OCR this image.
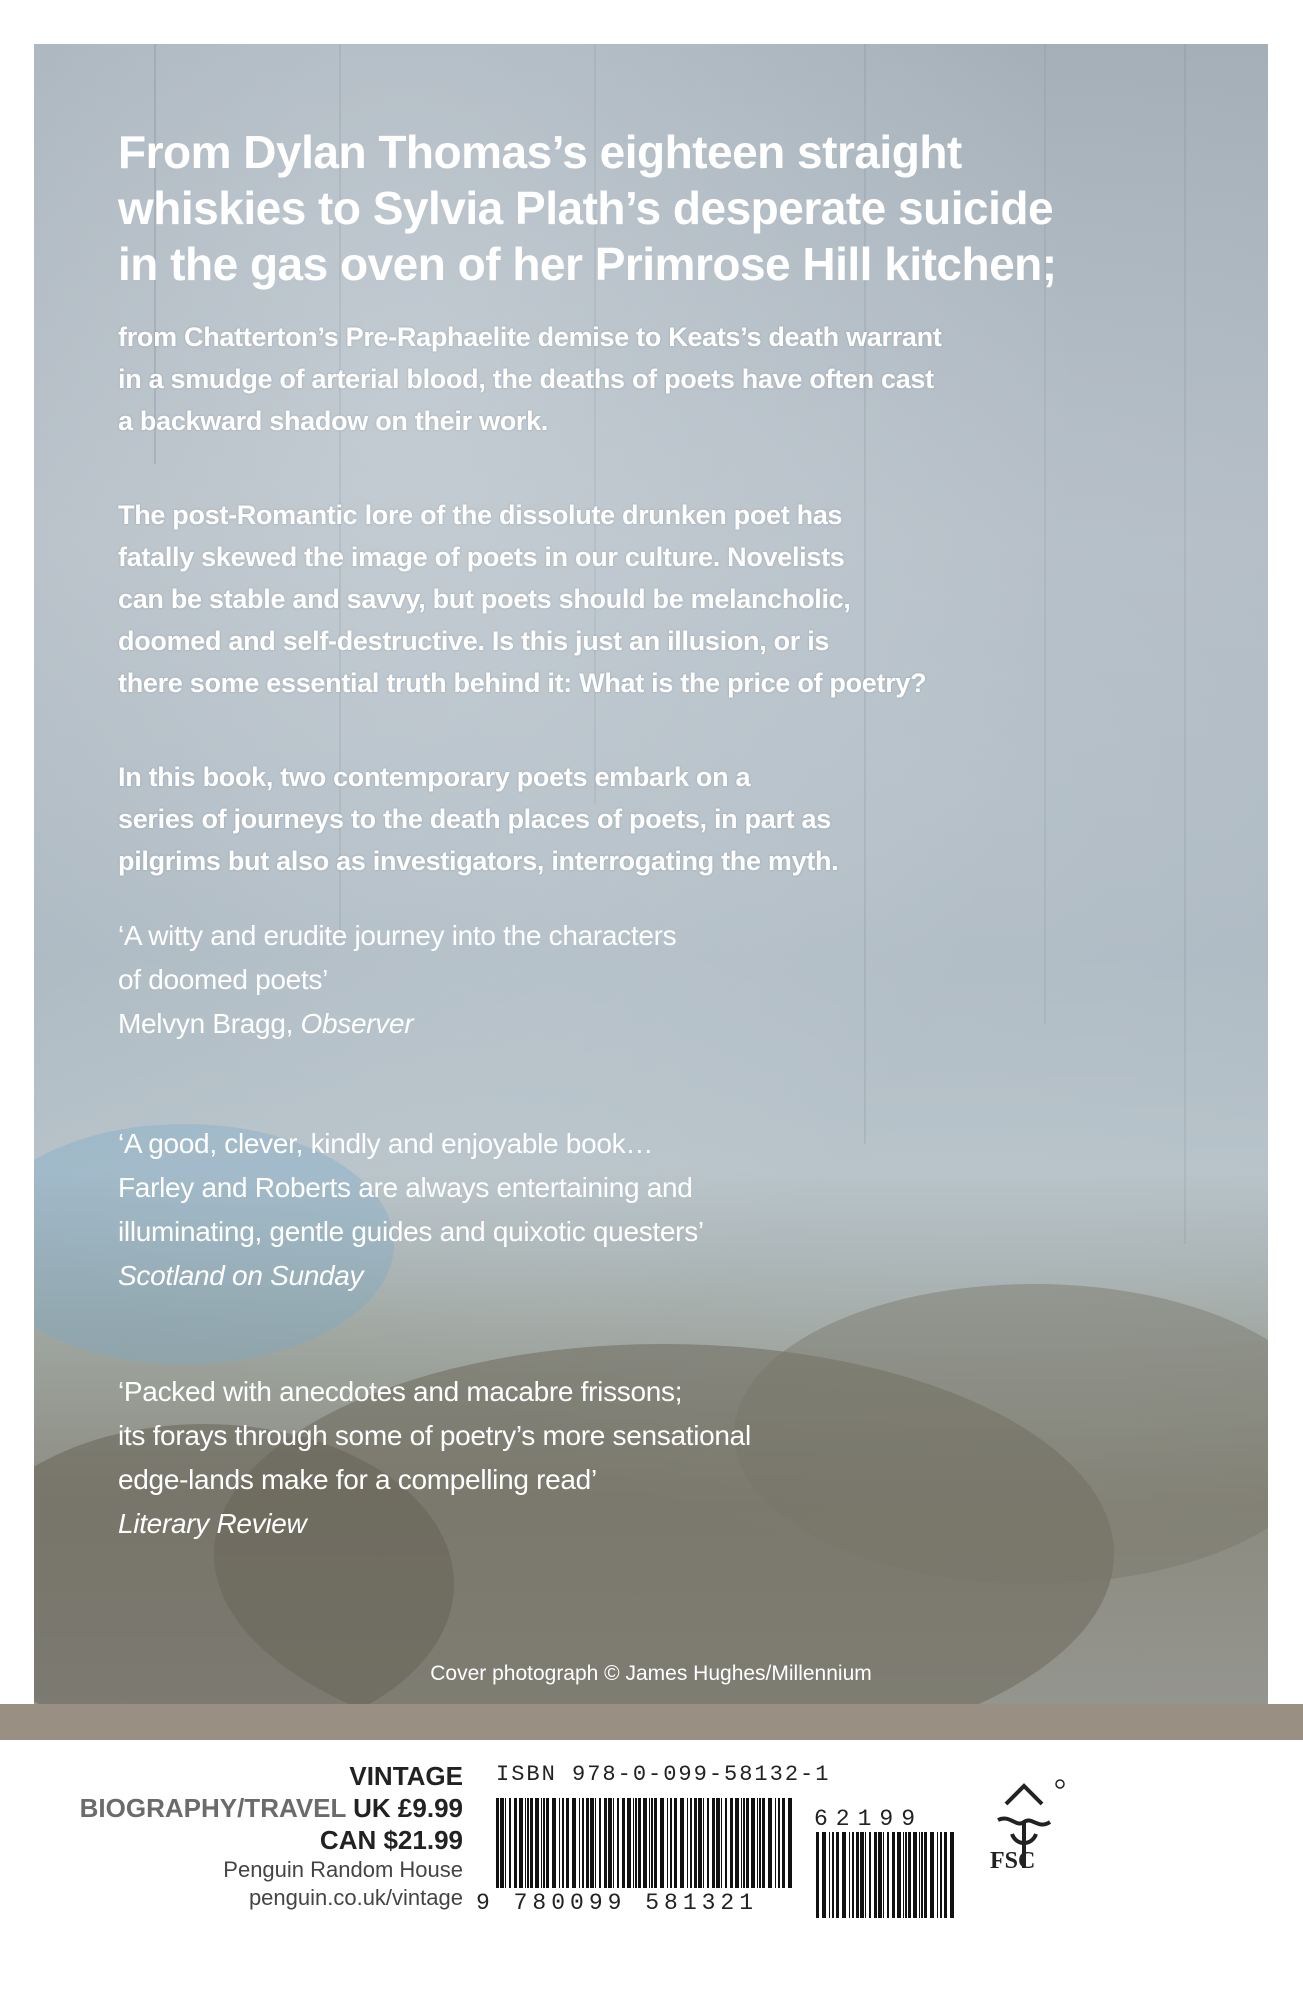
From Dylan Thomas’s eighteen straight
whiskies to Sylvia Plath’s desperate suicide
in the gas oven of her Primrose Hill kitchen;
from Chatterton’s Pre-Raphaelite demise to Keats’s death warrant
in a smudge of arterial blood, the deaths of poets have often cast
a backward shadow on their work.
The post-Romantic lore of the dissolute drunken poet has
fatally skewed the image of poets in our culture. Novelists
can be stable and savvy, but poets should be melancholic,
doomed and self-destructive. Is this just an illusion, or is
there some essential truth behind it: What is the price of poetry?
In this book, two contemporary poets embark on a
series of journeys to the death places of poets, in part as
pilgrims but also as investigators, interrogating the myth.
‘A witty and erudite journey into the characters
of doomed poets’
Melvyn Bragg, Observer
‘A good, clever, kindly and enjoyable book…
Farley and Roberts are always entertaining and
illuminating, gentle guides and quixotic questers’
Scotland on Sunday
‘Packed with anecdotes and macabre frissons;
its forays through some of poetry’s more sensational
edge-lands make for a compelling read’
Literary Review
Cover photograph © James Hughes/Millennium
VINTAGE
BIOGRAPHY/TRAVEL UK £9.99
CAN $21.99
Penguin Random House
penguin.co.uk/vintage
ISBN 978-0-099-58132-1
9 780099 581321
62199
FSC
